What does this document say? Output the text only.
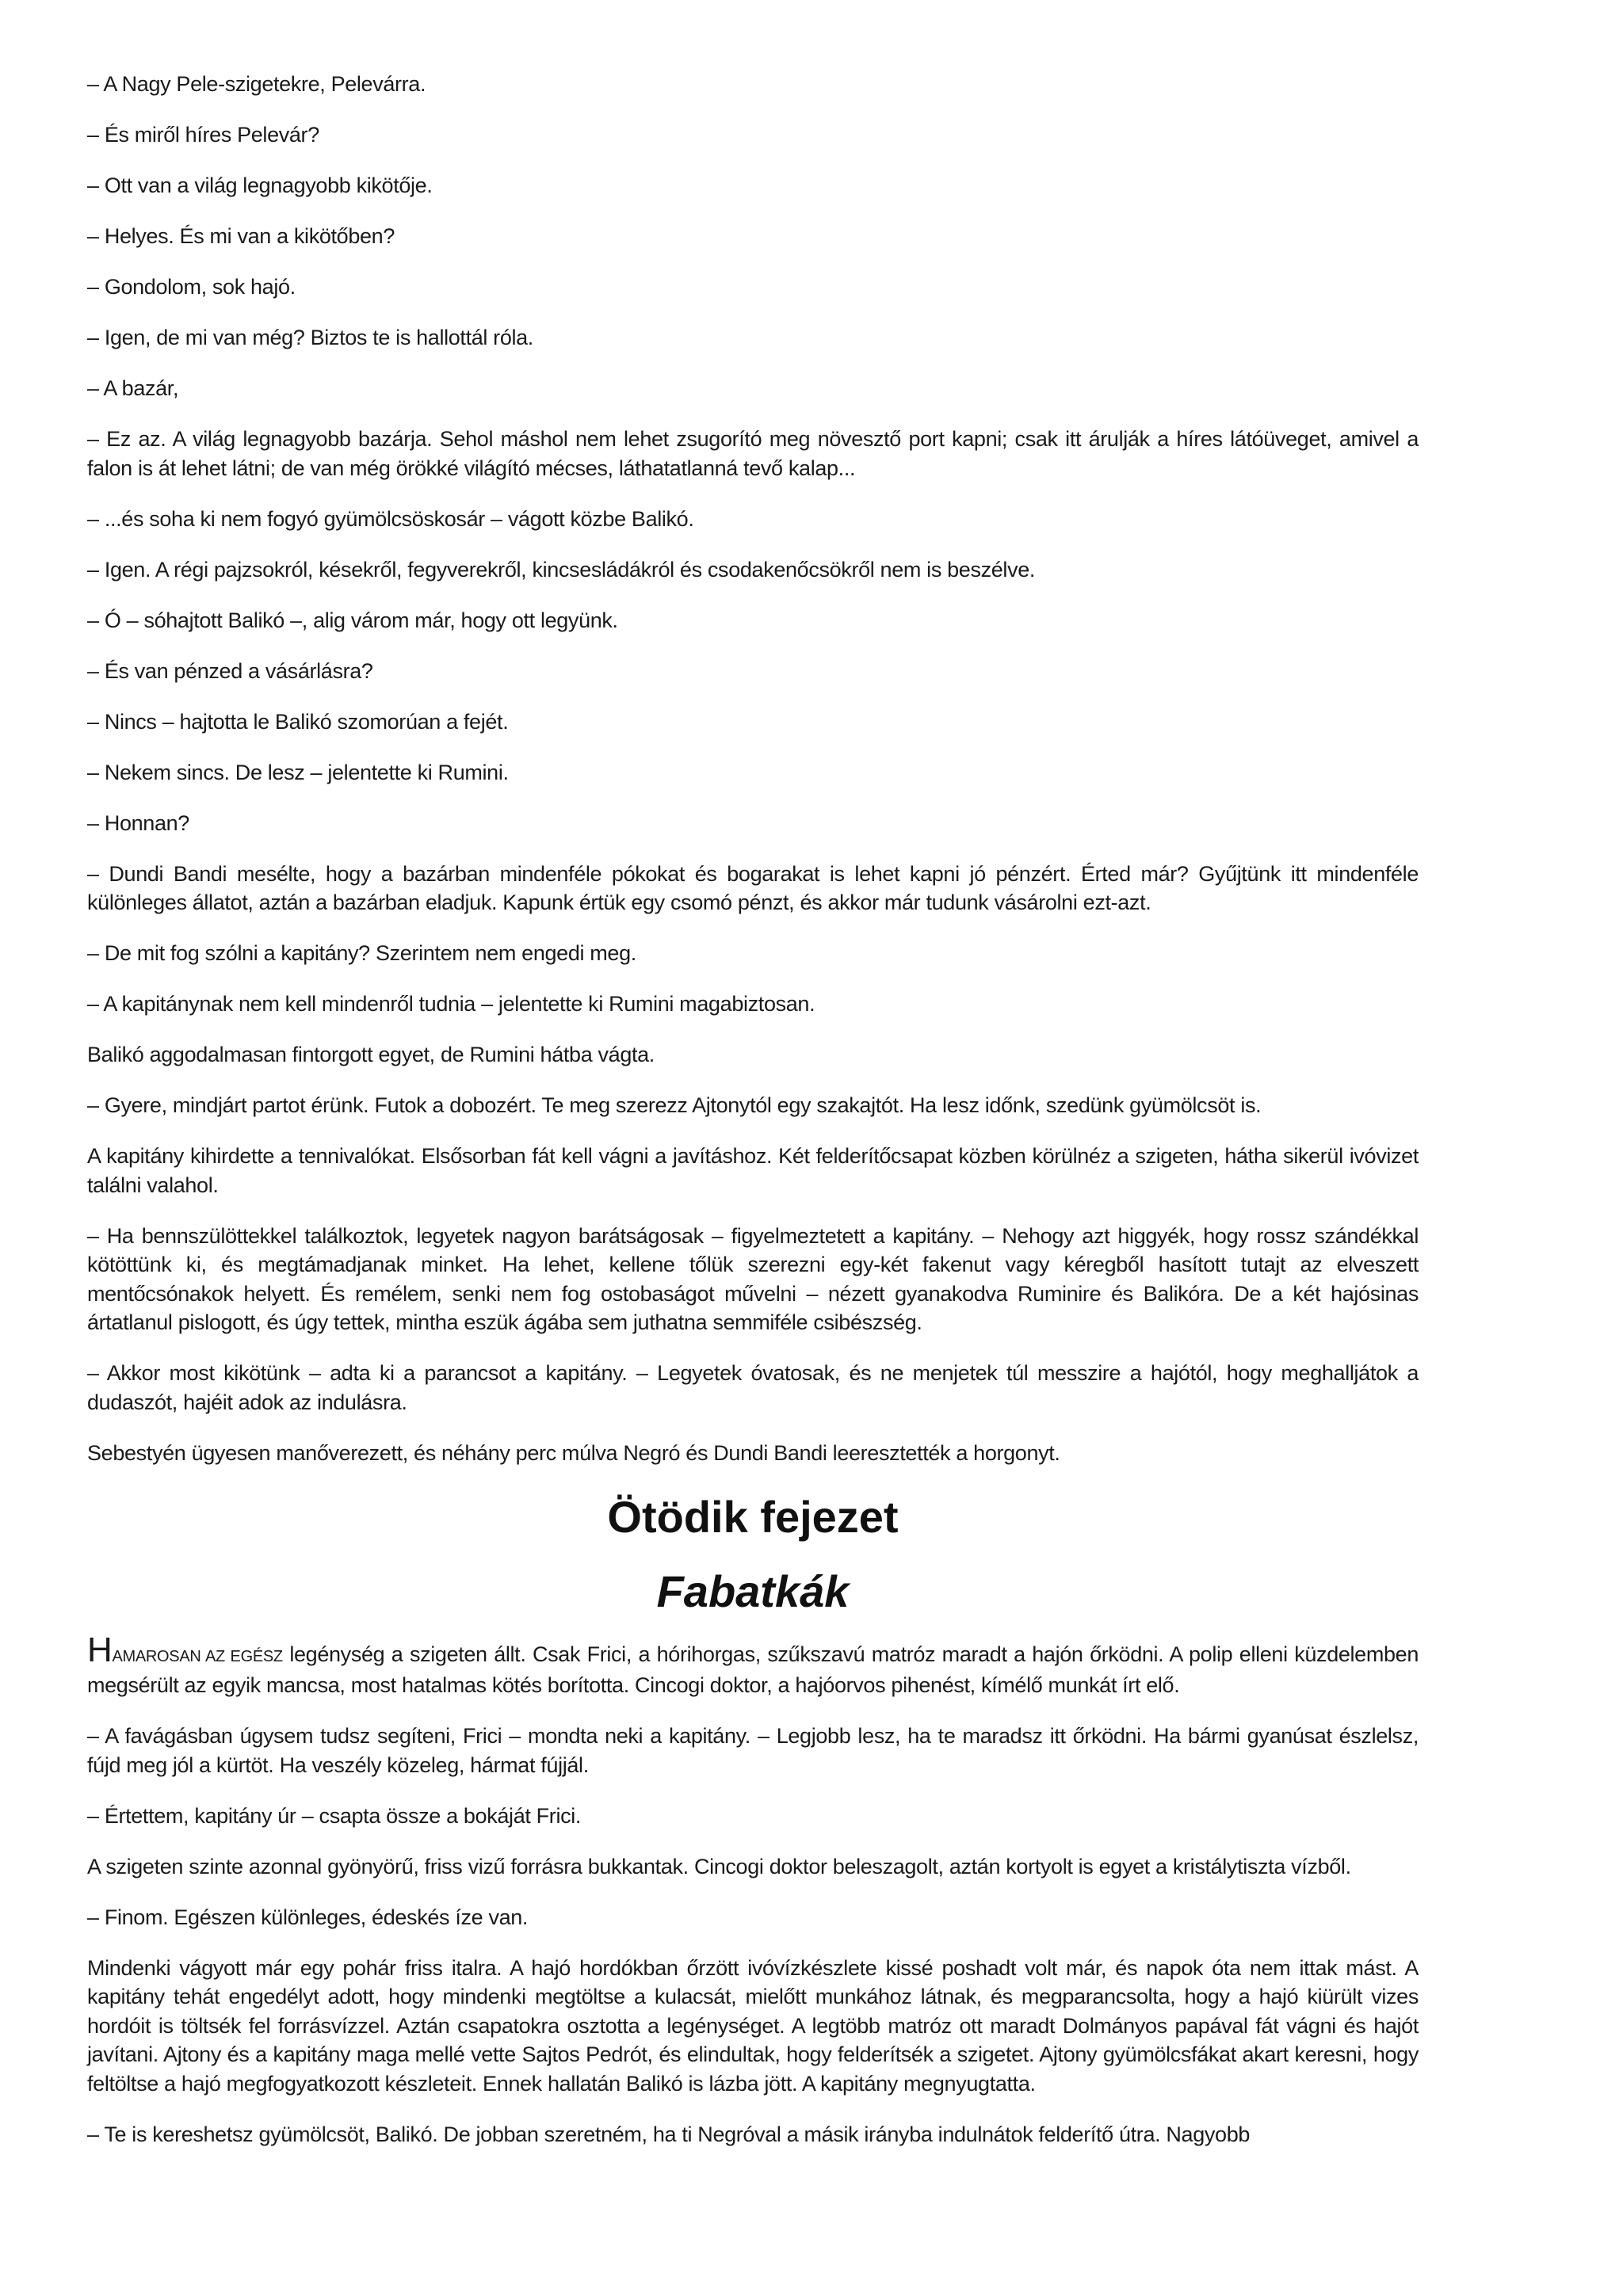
– A Nagy Pele-szigetekre, Pelevárra.

– És miről híres Pelevár?

– Ott van a világ legnagyobb kikötője.

– Helyes. És mi van a kikötőben?

– Gondolom, sok hajó.

– Igen, de mi van még? Biztos te is hallottál róla.

– A bazár,

– Ez az. A világ legnagyobb bazárja. Sehol máshol nem lehet zsugorító meg növesztő port kapni; csak itt árulják a híres látóüveget, amivel a falon is át lehet látni; de van még örökké világító mécses, láthatatlanná tevő kalap...

– ...és soha ki nem fogyó gyümölcsöskosár – vágott közbe Balikó.

– Igen. A régi pajzsokról, késekről, fegyverekről, kincsesládákról és csodakenőcsökről nem is beszélve.

– Ó – sóhajtott Balikó –, alig várom már, hogy ott legyünk.

– És van pénzed a vásárlásra?

– Nincs – hajtotta le Balikó szomorúan a fejét.

– Nekem sincs. De lesz – jelentette ki Rumini.

– Honnan?

– Dundi Bandi mesélte, hogy a bazárban mindenféle pókokat és bogarakat is lehet kapni jó pénzért. Érted már? Gyűjtünk itt mindenféle különleges állatot, aztán a bazárban eladjuk. Kapunk értük egy csomó pénzt, és akkor már tudunk vásárolni ezt-azt.

– De mit fog szólni a kapitány? Szerintem nem engedi meg.

– A kapitánynak nem kell mindenről tudnia – jelentette ki Rumini magabiztosan.

Balikó aggodalmasan fintorgott egyet, de Rumini hátba vágta.

– Gyere, mindjárt partot érünk. Futok a dobozért. Te meg szerezz Ajtonytól egy szakajtót. Ha lesz időnk, szedünk gyümölcsöt is.

A kapitány kihirdette a tennivalókat. Elsősorban fát kell vágni a javításhoz. Két felderítőcsapat közben körülnéz a szigeten, hátha sikerül ivóvizet találni valahol.

– Ha bennszülöttekkel találkoztok, legyetek nagyon barátságosak – figyelmeztetett a kapitány. – Nehogy azt higgyék, hogy rossz szándékkal kötöttünk ki, és megtámadjanak minket. Ha lehet, kellene tőlük szerezni egy-két fakenut vagy kéregből hasított tutajt az elveszett mentőcsónakok helyett. És remélem, senki nem fog ostobaságot művelni – nézett gyanakodva Ruminire és Balikóra. De a két hajósinas ártatlanul pislogott, és úgy tettek, mintha eszük ágába sem juthatna semmiféle csibészség.

– Akkor most kikötünk – adta ki a parancsot a kapitány. – Legyetek óvatosak, és ne menjetek túl messzire a hajótól, hogy meghalljátok a dudaszót, hajéit adok az indulásra.

Sebestyén ügyesen manőverezett, és néhány perc múlva Negró és Dundi Bandi leeresztették a horgonyt.

Ötödik fejezet
Fabatkák

HAMAROSAN AZ EGÉSZ legénység a szigeten állt. Csak Frici, a hórihorgas, szűkszavú matróz maradt a hajón őrködni. A polip elleni küzdelemben megsérült az egyik mancsa, most hatalmas kötés borította. Cincogi doktor, a hajóorvos pihenést, kímélő munkát írt elő.

– A favágásban úgysem tudsz segíteni, Frici – mondta neki a kapitány. – Legjobb lesz, ha te maradsz itt őrködni. Ha bármi gyanúsat észlelsz, fújd meg jól a kürtöt. Ha veszély közeleg, hármat fújjál.

– Értettem, kapitány úr – csapta össze a bokáját Frici.

A szigeten szinte azonnal gyönyörű, friss vizű forrásra bukkantak. Cincogi doktor beleszagolt, aztán kortyolt is egyet a kristálytiszta vízből.

– Finom. Egészen különleges, édeskés íze van.

Mindenki vágyott már egy pohár friss italra. A hajó hordókban őrzött ivóvízkészlete kissé poshadt volt már, és napok óta nem ittak mást. A kapitány tehát engedélyt adott, hogy mindenki megtöltse a kulacsát, mielőtt munkához látnak, és megparancsolta, hogy a hajó kiürült vizes hordóit is töltsék fel forrásvízzel. Aztán csapatokra osztotta a legénységet. A legtöbb matróz ott maradt Dolmányos papával fát vágni és hajót javítani. Ajtony és a kapitány maga mellé vette Sajtos Pedrót, és elindultak, hogy felderítsék a szigetet. Ajtony gyümölcsfákat akart keresni, hogy feltöltse a hajó megfogyatkozott készleteit. Ennek hallatán Balikó is lázba jött. A kapitány megnyugtatta.

– Te is kereshetsz gyümölcsöt, Balikó. De jobban szeretném, ha ti Negróval a másik irányba indulnátok felderítő útra. Nagyobb
